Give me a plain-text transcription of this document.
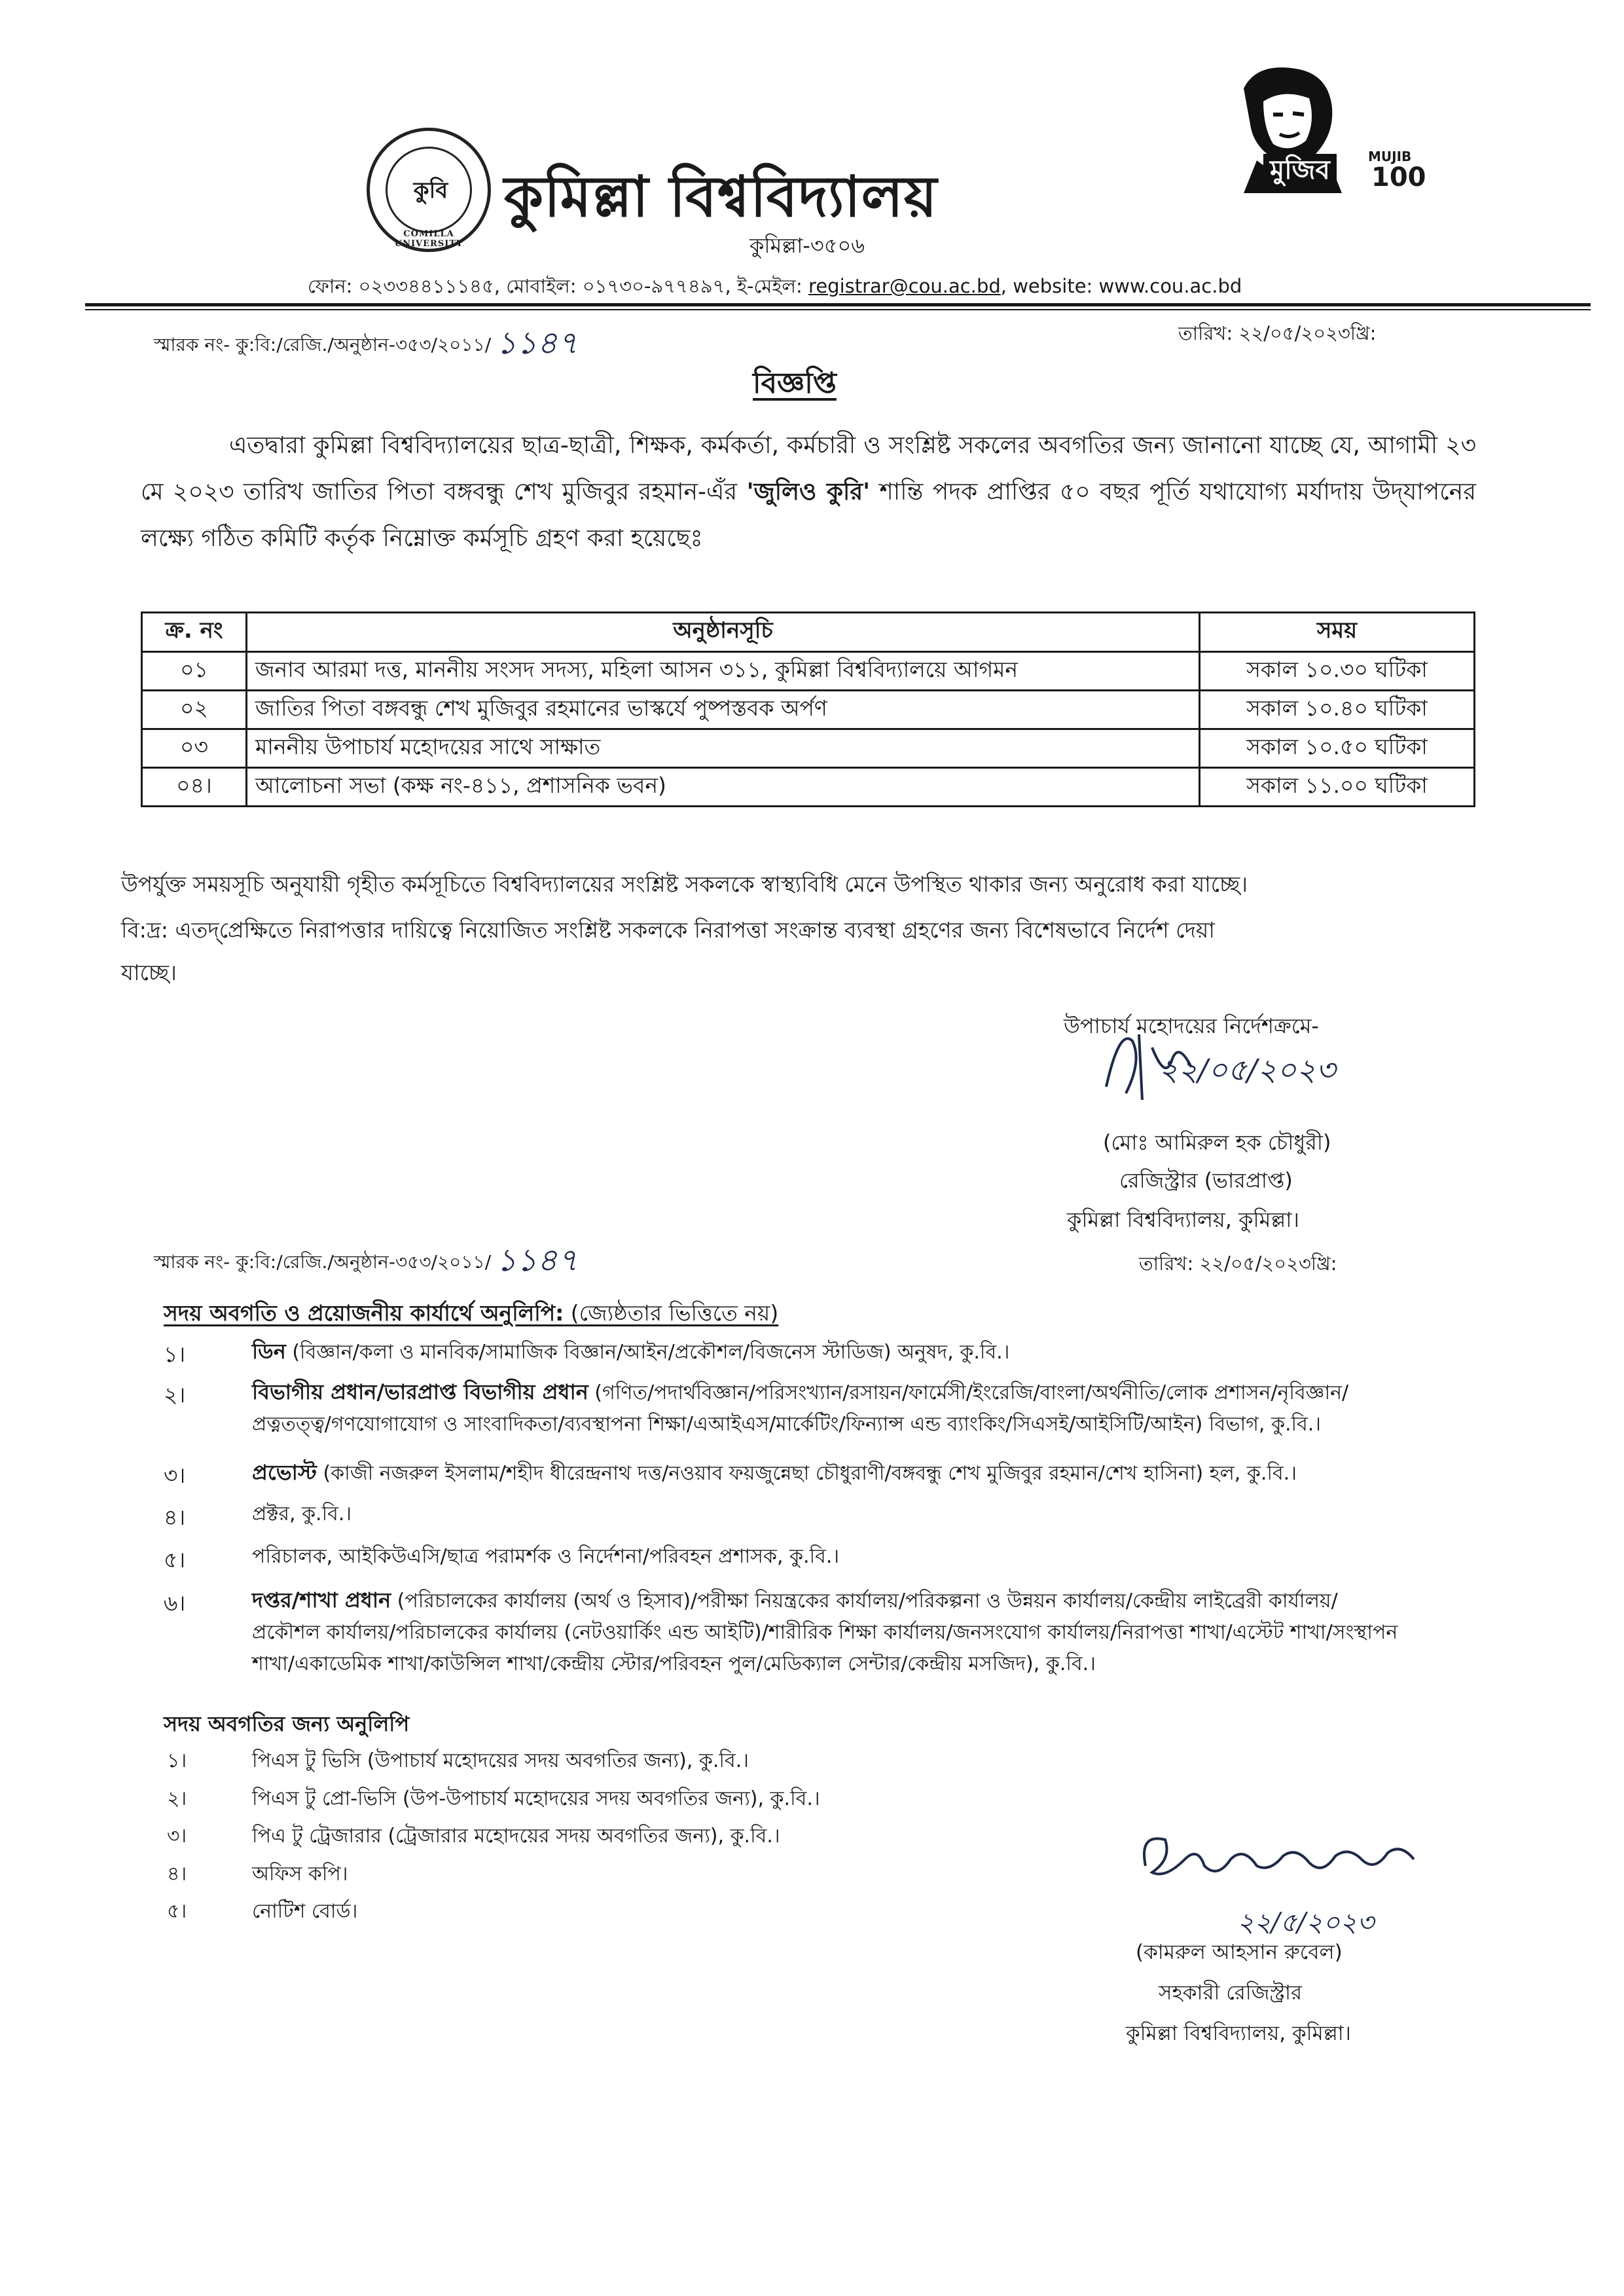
কুবি
COMILLA UNIVERSITY
কুমিল্লা বিশ্ববিদ্যালয়
কুমিল্লা-৩৫০৬
ফোন: ০২৩৩৪৪১১১৪৫, মোবাইল: ০১৭৩০-৯৭৭৪৯৭, ই-মেইল: registrar@cou.ac.bd, website: www.cou.ac.bd
মুজিব	MUJIB
100
স্মারক নং- কু:বি:/রেজি./অনুষ্ঠান-৩৫৩/২০১১/ ১১৪৭	তারিখ: ২২/০৫/২০২৩খ্রি:
বিজ্ঞপ্তি
এতদ্বারা কুমিল্লা বিশ্ববিদ্যালয়ের ছাত্র-ছাত্রী, শিক্ষক, কর্মকর্তা, কর্মচারী ও সংশ্লিষ্ট সকলের অবগতির জন্য জানানো যাচ্ছে যে, আগামী ২৩ মে ২০২৩ তারিখ জাতির পিতা বঙ্গবন্ধু শেখ মুজিবুর রহমান-এঁর 'জুলিও কুরি' শান্তি পদক প্রাপ্তির ৫০ বছর পূর্তি যথাযোগ্য মর্যাদায় উদ্‌যাপনের লক্ষ্যে গঠিত কমিটি কর্তৃক নিম্নোক্ত কর্মসূচি গ্রহণ করা হয়েছেঃ
ক্র. নং	অনুষ্ঠানসূচি	সময়
০১	জনাব আরমা দত্ত, মাননীয় সংসদ সদস্য, মহিলা আসন ৩১১, কুমিল্লা বিশ্ববিদ্যালয়ে আগমন	সকাল ১০.৩০ ঘটিকা
০২	জাতির পিতা বঙ্গবন্ধু শেখ মুজিবুর রহমানের ভাস্কর্যে পুষ্পস্তবক অর্পণ	সকাল ১০.৪০ ঘটিকা
০৩	মাননীয় উপাচার্য মহোদয়ের সাথে সাক্ষাত	সকাল ১০.৫০ ঘটিকা
০৪।	আলোচনা সভা (কক্ষ নং-৪১১, প্রশাসনিক ভবন)	সকাল ১১.০০ ঘটিকা
উপর্যুক্ত সময়সূচি অনুযায়ী গৃহীত কর্মসূচিতে বিশ্ববিদ্যালয়ের সংশ্লিষ্ট সকলকে স্বাস্থ্যবিধি মেনে উপস্থিত থাকার জন্য অনুরোধ করা যাচ্ছে।
বি:দ্র: এতদ্‌প্রেক্ষিতে নিরাপত্তার দায়িত্বে নিয়োজিত সংশ্লিষ্ট সকলকে নিরাপত্তা সংক্রান্ত ব্যবস্থা গ্রহণের জন্য বিশেষভাবে নির্দেশ দেয়া
যাচ্ছে।
উপাচার্য মহোদয়ের নির্দেশক্রমে-
২২/০৫/২০২৩
(মোঃ আমিরুল হক চৌধুরী)
রেজিস্ট্রার (ভারপ্রাপ্ত)
কুমিল্লা বিশ্ববিদ্যালয়, কুমিল্লা।
স্মারক নং- কু:বি:/রেজি./অনুষ্ঠান-৩৫৩/২০১১/ ১১৪৭	তারিখ: ২২/০৫/২০২৩খ্রি:
সদয় অবগতি ও প্রয়োজনীয় কার্যার্থে অনুলিপি: (জ্যেষ্ঠতার ভিত্তিতে নয়)
১।	ডিন (বিজ্ঞান/কলা ও মানবিক/সামাজিক বিজ্ঞান/আইন/প্রকৌশল/বিজনেস স্টাডিজ) অনুষদ, কু.বি.।
২।	বিভাগীয় প্রধান/ভারপ্রাপ্ত বিভাগীয় প্রধান (গণিত/পদার্থবিজ্ঞান/পরিসংখ্যান/রসায়ন/ফার্মেসী/ইংরেজি/বাংলা/অর্থনীতি/লোক প্রশাসন/নৃবিজ্ঞান/
প্রত্নতত্ত্ব/গণযোগাযোগ ও সাংবাদিকতা/ব্যবস্থাপনা শিক্ষা/এআইএস/মার্কেটিং/ফিন্যান্স এন্ড ব্যাংকিং/সিএসই/আইসিটি/আইন) বিভাগ, কু.বি.।
৩।	প্রভোস্ট (কাজী নজরুল ইসলাম/শহীদ ধীরেন্দ্রনাথ দত্ত/নওয়াব ফয়জুন্নেছা চৌধুরাণী/বঙ্গবন্ধু শেখ মুজিবুর রহমান/শেখ হাসিনা) হল, কু.বি.।
৪।	প্রক্টর, কু.বি.।
৫।	পরিচালক, আইকিউএসি/ছাত্র পরামর্শক ও নির্দেশনা/পরিবহন প্রশাসক, কু.বি.।
৬।	দপ্তর/শাখা প্রধান (পরিচালকের কার্যালয় (অর্থ ও হিসাব)/পরীক্ষা নিয়ন্ত্রকের কার্যালয়/পরিকল্পনা ও উন্নয়ন কার্যালয়/কেন্দ্রীয় লাইব্রেরী কার্যালয়/
প্রকৌশল কার্যালয়/পরিচালকের কার্যালয় (নেটওয়ার্কিং এন্ড আইটি)/শারীরিক শিক্ষা কার্যালয়/জনসংযোগ কার্যালয়/নিরাপত্তা শাখা/এস্টেট শাখা/সংস্থাপন
শাখা/একাডেমিক শাখা/কাউন্সিল শাখা/কেন্দ্রীয় স্টোর/পরিবহন পুল/মেডিক্যাল সেন্টার/কেন্দ্রীয় মসজিদ), কু.বি.।
সদয় অবগতির জন্য অনুলিপি
১।	পিএস টু ভিসি (উপাচার্য মহোদয়ের সদয় অবগতির জন্য), কু.বি.।
২।	পিএস টু প্রো-ভিসি (উপ-উপাচার্য মহোদয়ের সদয় অবগতির জন্য), কু.বি.।
৩।	পিএ টু ট্রেজারার (ট্রেজারার মহোদয়ের সদয় অবগতির জন্য), কু.বি.।
৪।	অফিস কপি।
৫।	নোটিশ বোর্ড।	২২/৫/২০২৩
(কামরুল আহসান রুবেল)
সহকারী রেজিস্ট্রার
কুমিল্লা বিশ্ববিদ্যালয়, কুমিল্লা।
